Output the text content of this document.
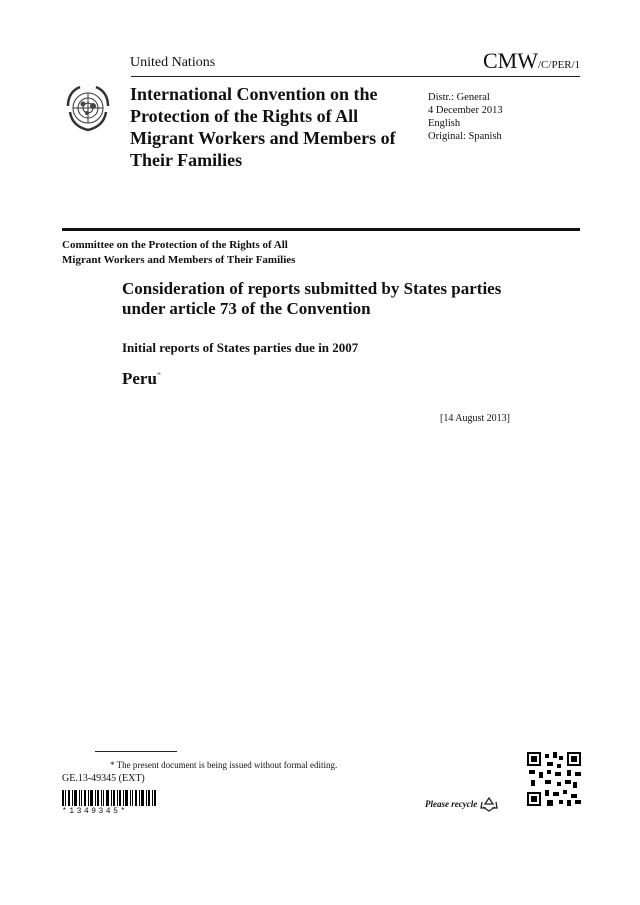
United Nations	CMW/C/PER/1
International Convention on the Protection of the Rights of All Migrant Workers and Members of Their Families
Distr.: General
4 December 2013
English
Original: Spanish
Committee on the Protection of the Rights of All
Migrant Workers and Members of Their Families
Consideration of reports submitted by States parties under article 73 of the Convention
Initial reports of States parties due in 2007
Peru*
[14 August 2013]
* The present document is being issued without formal editing.
GE.13-49345 (EXT)
*1349345*
Please recycle
